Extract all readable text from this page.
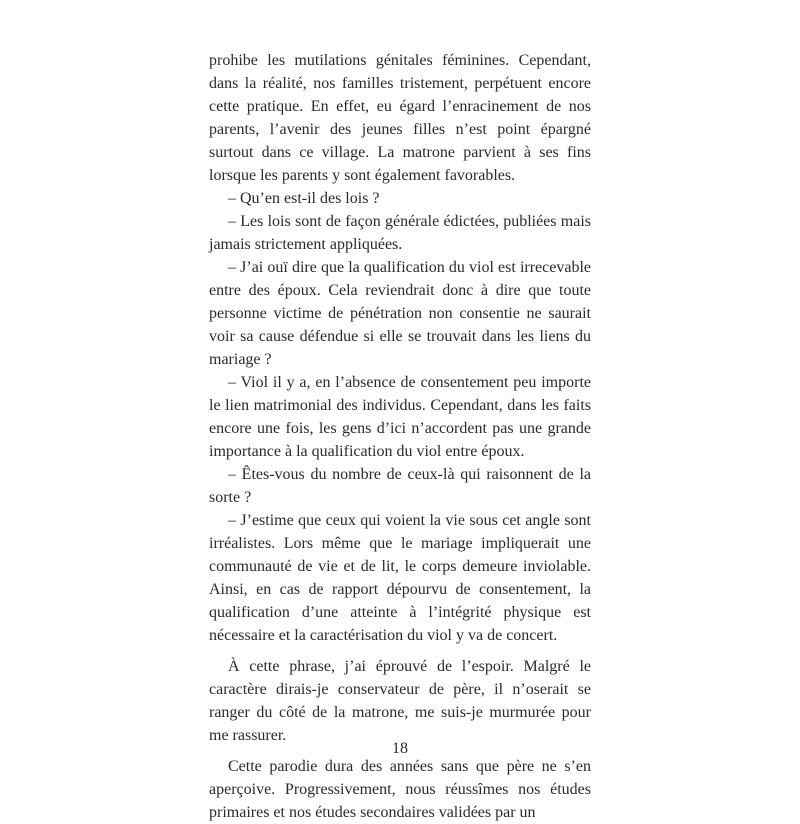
prohibe les mutilations génitales féminines. Cependant, dans la réalité, nos familles tristement, perpétuent encore cette pratique. En effet, eu égard l’enracinement de nos parents, l’avenir des jeunes filles n’est point épargné surtout dans ce village. La matrone parvient à ses fins lorsque les parents y sont également favorables.

– Qu’en est-il des lois ?

– Les lois sont de façon générale édictées, publiées mais jamais strictement appliquées.

– J’ai ouï dire que la qualification du viol est irrecevable entre des époux. Cela reviendrait donc à dire que toute personne victime de pénétration non consentie ne saurait voir sa cause défendue si elle se trouvait dans les liens du mariage ?

– Viol il y a, en l’absence de consentement peu importe le lien matrimonial des individus. Cependant, dans les faits encore une fois, les gens d’ici n’accordent pas une grande importance à la qualification du viol entre époux.

– Êtes-vous du nombre de ceux-là qui raisonnent de la sorte ?

– J’estime que ceux qui voient la vie sous cet angle sont irréalistes. Lors même que le mariage impliquerait une communauté de vie et de lit, le corps demeure inviolable. Ainsi, en cas de rapport dépourvu de consentement, la qualification d’une atteinte à l’intégrité physique est nécessaire et la caractérisation du viol y va de concert.

À cette phrase, j’ai éprouvé de l’espoir. Malgré le caractère dirais-je conservateur de père, il n’oserait se ranger du côté de la matrone, me suis-je murmurée pour me rassurer.

Cette parodie dura des années sans que père ne s’en aperçoive. Progressivement, nous réussîmes nos études primaires et nos études secondaires validées par un

18
